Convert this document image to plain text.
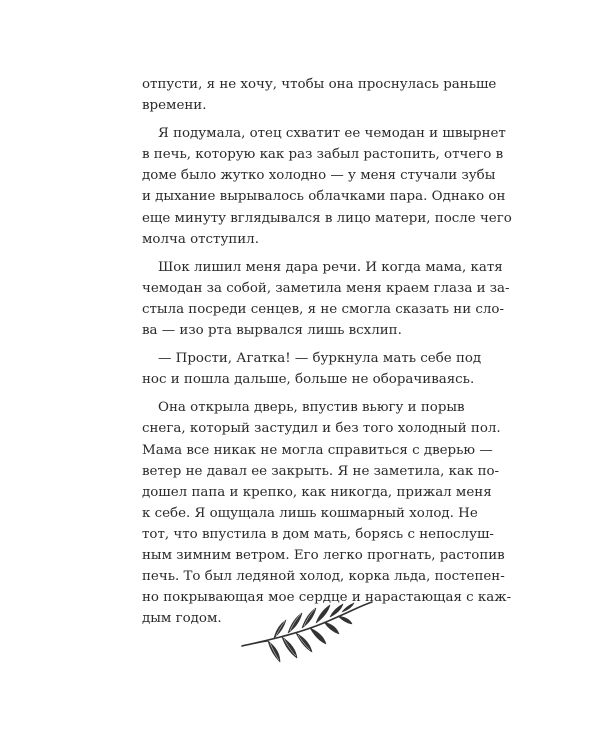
отпусти, я не хочу, чтобы она проснулась раньше
времени.

Я подумала, отец схватит ее чемодан и швырнет
в печь, которую как раз забыл растопить, отчего в
доме было жутко холодно — у меня стучали зубы
и дыхание вырывалось облачками пара. Однако он
еще минуту вглядывался в лицо матери, после чего
молча отступил.

Шок лишил меня дара речи. И когда мама, катя
чемодан за собой, заметила меня краем глаза и за-
стыла посреди сенцев, я не смогла сказать ни сло-
ва — изо рта вырвался лишь всхлип.

— Прости, Агатка! — буркнула мать себе под
нос и пошла дальше, больше не оборачиваясь.

Она открыла дверь, впустив вьюгу и порыв
снега, который застудил и без того холодный пол.
Мама все никак не могла справиться с дверью —
ветер не давал ее закрыть. Я не заметила, как по-
дошел папа и крепко, как никогда, прижал меня
к себе. Я ощущала лишь кошмарный холод. Не
тот, что впустила в дом мать, борясь с непослуш-
ным зимним ветром. Его легко прогнать, растопив
печь. То был ледяной холод, корка льда, постепен-
но покрывающая мое сердце и нарастающая с каж-
дым годом.
